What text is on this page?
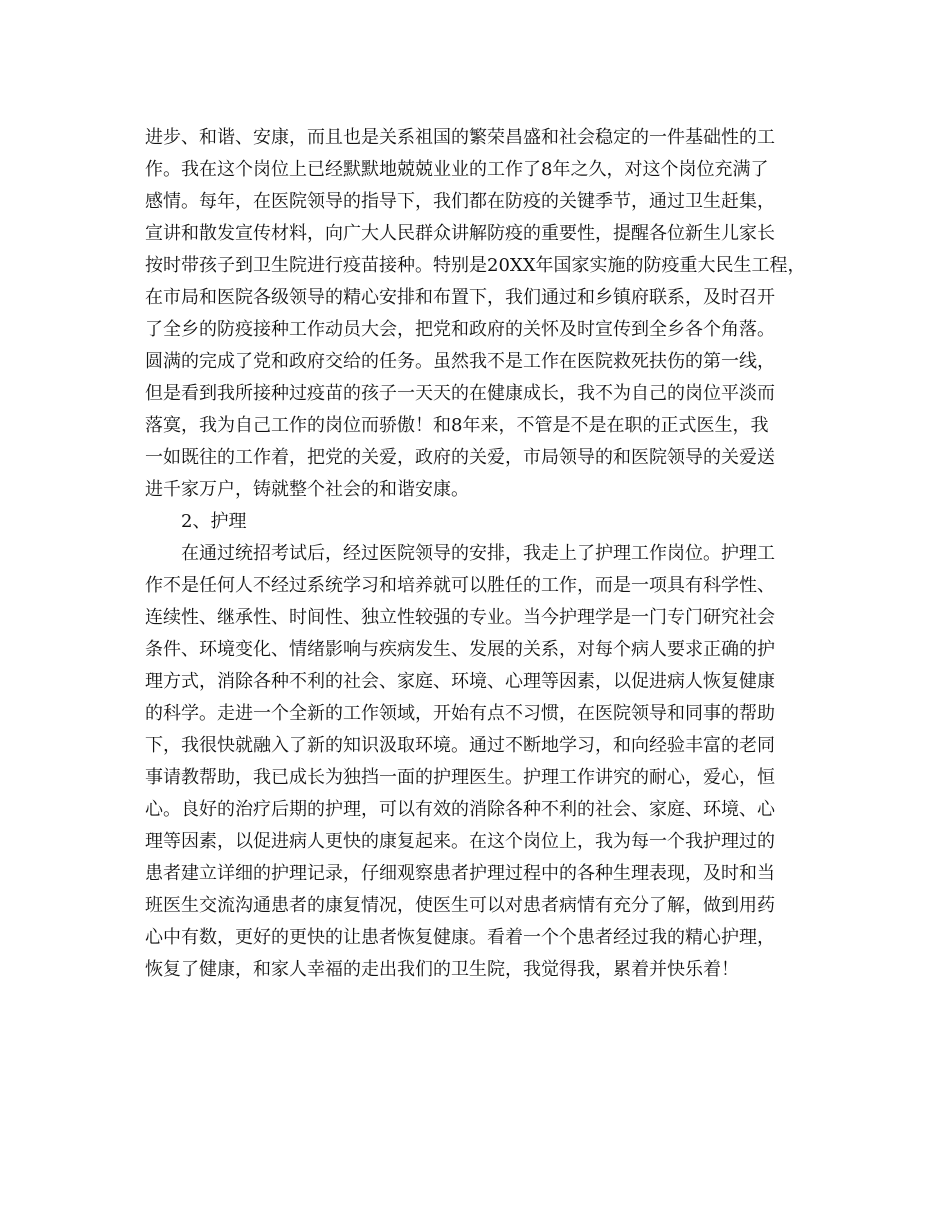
进步、和谐、安康，而且也是关系祖国的繁荣昌盛和社会稳定的一件基础性的工
作。我在这个岗位上已经默默地兢兢业业的工作了8年之久，对这个岗位充满了
感情。每年，在医院领导的指导下，我们都在防疫的关键季节，通过卫生赶集，
宣讲和散发宣传材料，向广大人民群众讲解防疫的重要性，提醒各位新生儿家长
按时带孩子到卫生院进行疫苗接种。特别是20XX年国家实施的防疫重大民生工程，
在市局和医院各级领导的精心安排和布置下，我们通过和乡镇府联系，及时召开
了全乡的防疫接种工作动员大会，把党和政府的关怀及时宣传到全乡各个角落。
圆满的完成了党和政府交给的任务。虽然我不是工作在医院救死扶伤的第一线，
但是看到我所接种过疫苗的孩子一天天的在健康成长，我不为自己的岗位平淡而
落寞，我为自己工作的岗位而骄傲！和8年来，不管是不是在职的正式医生，我
一如既往的工作着，把党的关爱，政府的关爱，市局领导的和医院领导的关爱送
进千家万户，铸就整个社会的和谐安康。
2、护理
在通过统招考试后，经过医院领导的安排，我走上了护理工作岗位。护理工
作不是任何人不经过系统学习和培养就可以胜任的工作，而是一项具有科学性、
连续性、继承性、时间性、独立性较强的专业。当今护理学是一门专门研究社会
条件、环境变化、情绪影响与疾病发生、发展的关系，对每个病人要求正确的护
理方式，消除各种不利的社会、家庭、环境、心理等因素，以促进病人恢复健康
的科学。走进一个全新的工作领域，开始有点不习惯，在医院领导和同事的帮助
下，我很快就融入了新的知识汲取环境。通过不断地学习，和向经验丰富的老同
事请教帮助，我已成长为独挡一面的护理医生。护理工作讲究的耐心，爱心，恒
心。良好的治疗后期的护理，可以有效的消除各种不利的社会、家庭、环境、心
理等因素，以促进病人更快的康复起来。在这个岗位上，我为每一个我护理过的
患者建立详细的护理记录，仔细观察患者护理过程中的各种生理表现，及时和当
班医生交流沟通患者的康复情况，使医生可以对患者病情有充分了解，做到用药
心中有数，更好的更快的让患者恢复健康。看着一个个患者经过我的精心护理，
恢复了健康，和家人幸福的走出我们的卫生院，我觉得我，累着并快乐着！
